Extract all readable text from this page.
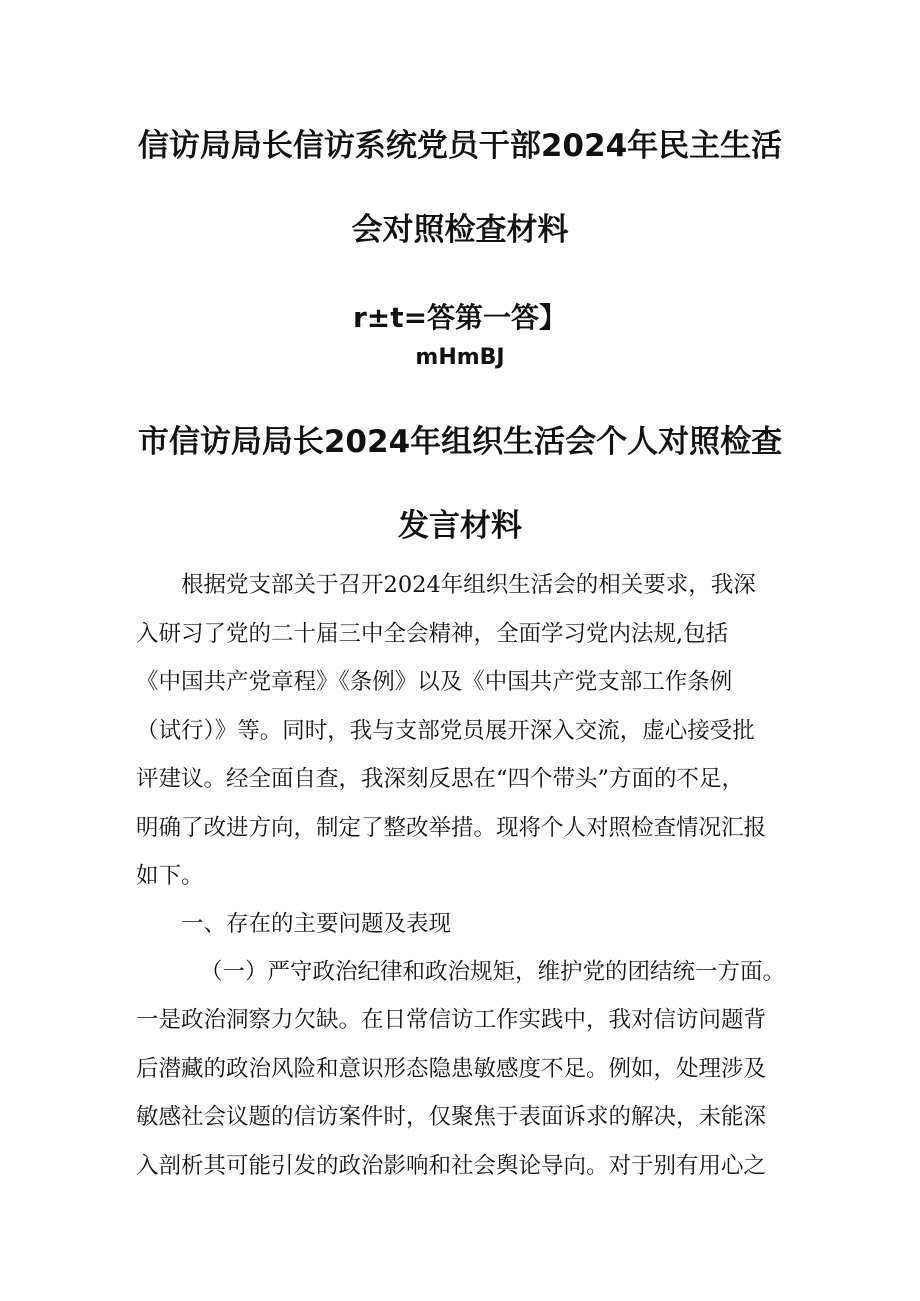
信访局局长信访系统党员干部2024年民主生活
会对照检查材料
r±t=答第一答】
mHmBJ
市信访局局长2024年组织生活会个人对照检查
发言材料
根据党支部关于召开2024年组织生活会的相关要求，我深
入研习了党的二十届三中全会精神，全面学习党内法规,包括
《中国共产党章程》《条例》以及《中国共产党支部工作条例
（试行）》等。同时，我与支部党员展开深入交流，虚心接受批
评建议。经全面自查，我深刻反思在“四个带头”方面的不足，
明确了改进方向，制定了整改举措。现将个人对照检查情况汇报
如下。
一、存在的主要问题及表现
（一）严守政治纪律和政治规矩，维护党的团结统一方面。
一是政治洞察力欠缺。在日常信访工作实践中，我对信访问题背
后潜藏的政治风险和意识形态隐患敏感度不足。例如，处理涉及
敏感社会议题的信访案件时，仅聚焦于表面诉求的解决，未能深
入剖析其可能引发的政治影响和社会舆论导向。对于别有用心之
